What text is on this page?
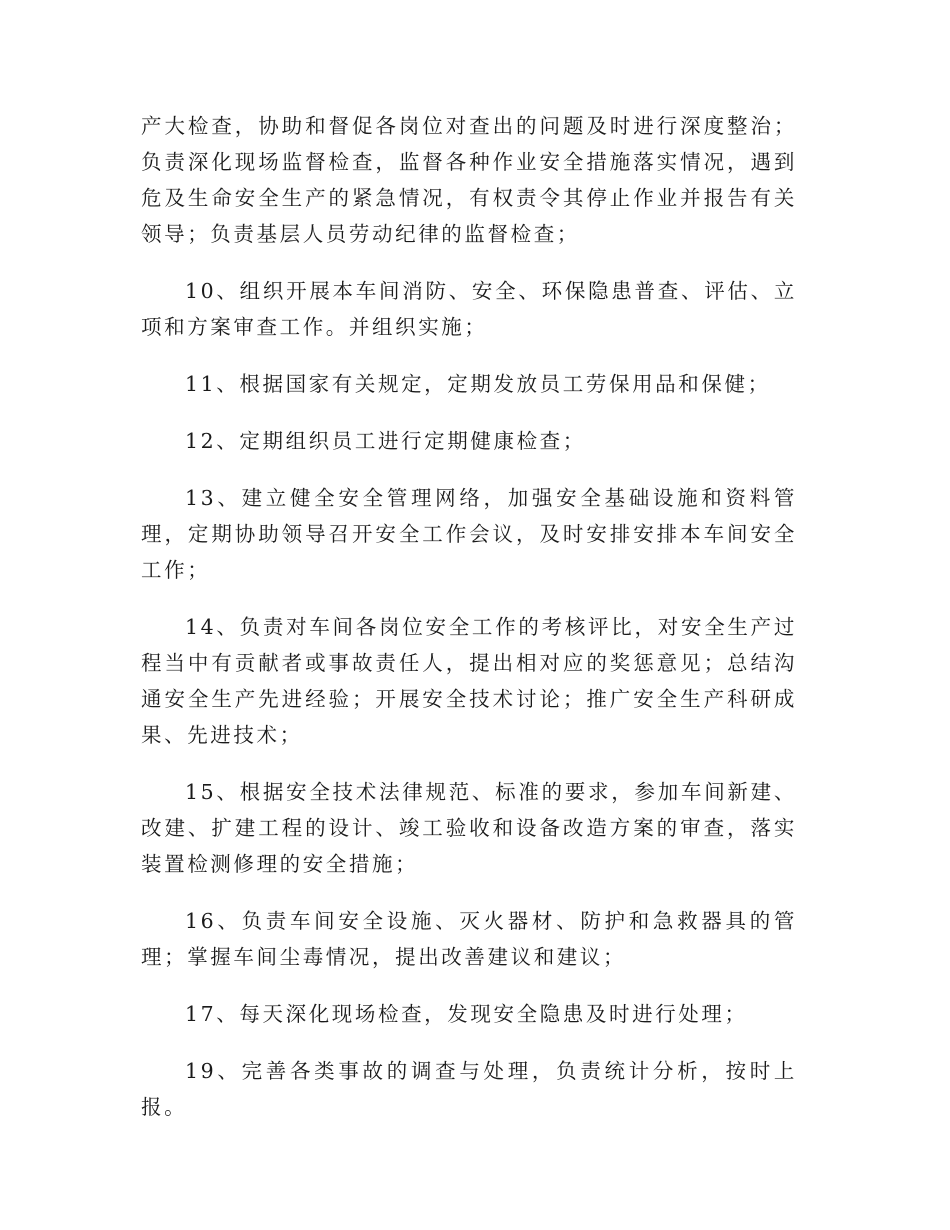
产大检查，协助和督促各岗位对查出的问题及时进行深度整治；负责深化现场监督检查，监督各种作业安全措施落实情况，遇到危及生命安全生产的紧急情况，有权责令其停止作业并报告有关领导；负责基层人员劳动纪律的监督检查；

10、组织开展本车间消防、安全、环保隐患普查、评估、立项和方案审查工作。并组织实施；

11、根据国家有关规定，定期发放员工劳保用品和保健；

12、定期组织员工进行定期健康检查；

13、建立健全安全管理网络，加强安全基础设施和资料管理，定期协助领导召开安全工作会议，及时安排安排本车间安全工作；

14、负责对车间各岗位安全工作的考核评比，对安全生产过程当中有贡献者或事故责任人，提出相对应的奖惩意见；总结沟通安全生产先进经验；开展安全技术讨论；推广安全生产科研成果、先进技术；

15、根据安全技术法律规范、标准的要求，参加车间新建、改建、扩建工程的设计、竣工验收和设备改造方案的审查，落实装置检测修理的安全措施；

16、负责车间安全设施、灭火器材、防护和急救器具的管理；掌握车间尘毒情况，提出改善建议和建议；

17、每天深化现场检查，发现安全隐患及时进行处理；

19、完善各类事故的调查与处理，负责统计分析，按时上报。
